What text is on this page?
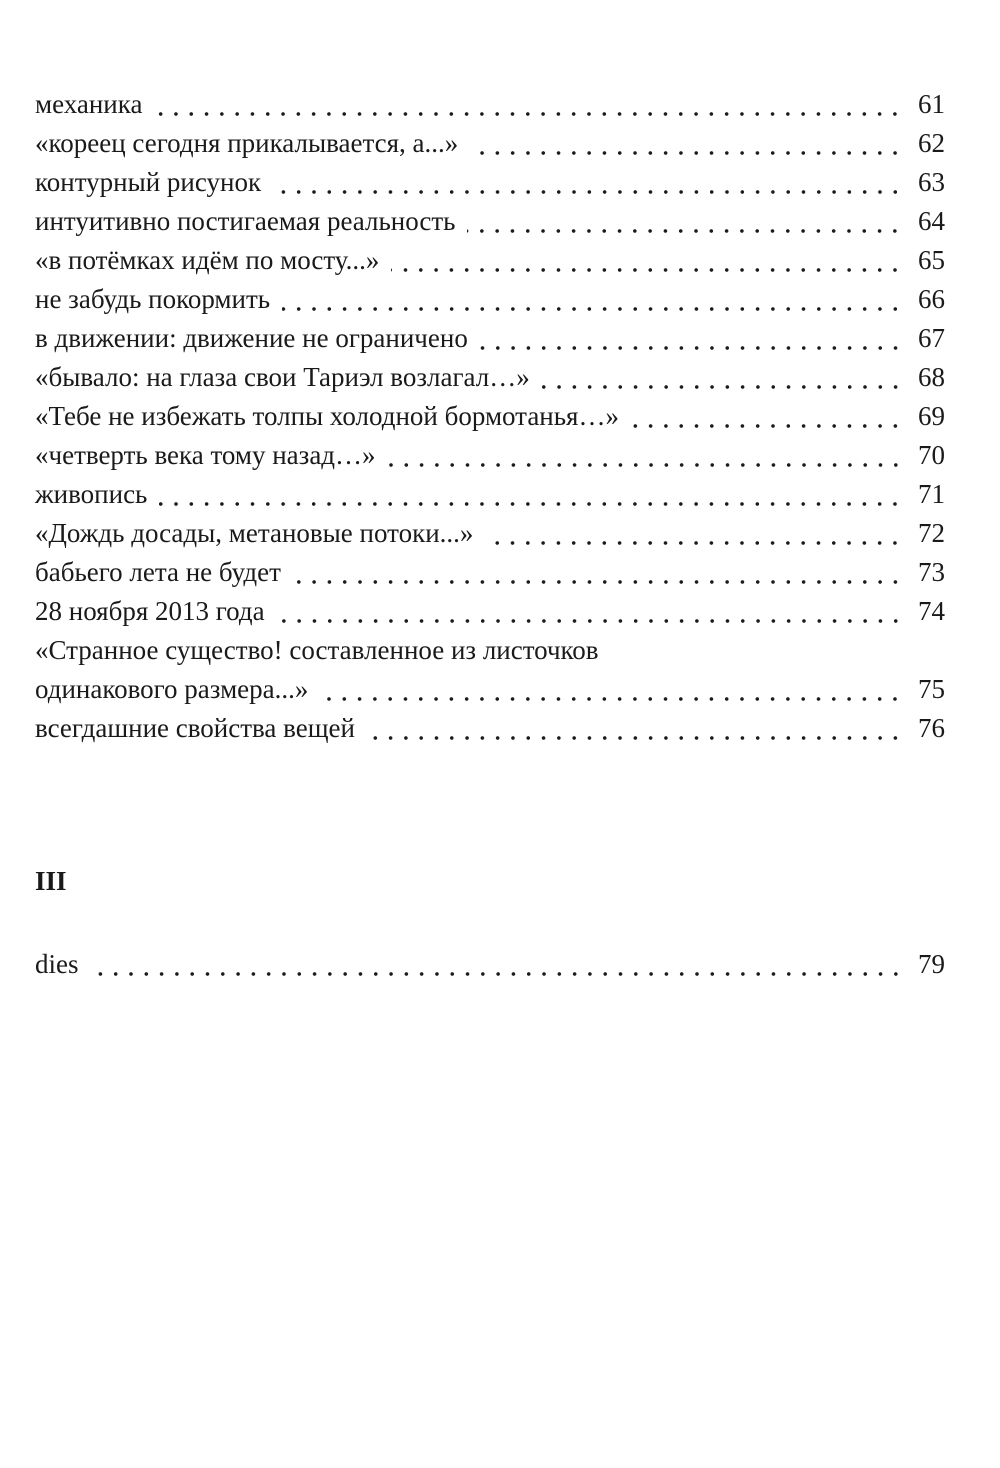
механика	61
«кореец сегодня прикалывается, а...»	62
контурный рисунок	63
интуитивно постигаемая реальность	64
«в потёмках идём по мосту...»	65
не забудь покормить	66
в движении: движение не ограничено	67
«бывало: на глаза свои Тариэл возлагал…»	68
«Тебе не избежать толпы холодной бормотанья…»	69
«четверть века тому назад…»	70
живопись	71
«Дождь досады, метановые потоки...»	72
бабьего лета не будет	73
28 ноября 2013 года	74
«Странное существо! составленное из листочков
одинакового размера...»	75
всегдашние свойства вещей	76
III
dies	79
